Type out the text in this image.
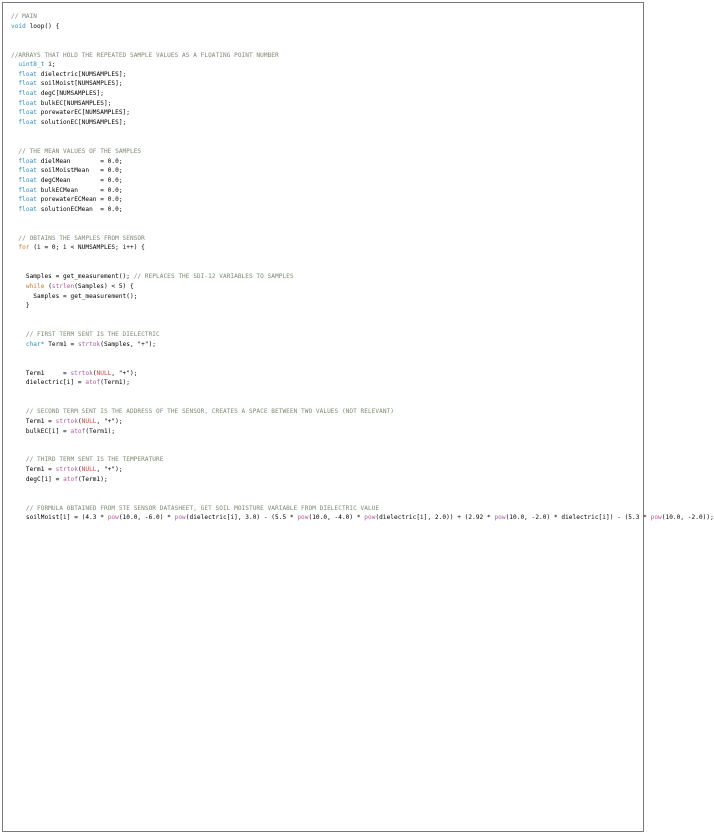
// MAIN
void loop() {

//ARRAYS THAT HOLD THE REPEATED SAMPLE VALUES AS A FLOATING POINT NUMBER
uint8_t i;
float dielectric[NUMSAMPLES];
float soilMoist[NUMSAMPLES];
float degC[NUMSAMPLES];
float bulkEC[NUMSAMPLES];
float porewaterEC[NUMSAMPLES];
float solutionEC[NUMSAMPLES];

// THE MEAN VALUES OF THE SAMPLES
float dielMean        = 0.0;
float soilMoistMean   = 0.0;
float degCMean        = 0.0;
float bulkECMean      = 0.0;
float porewaterECMean = 0.0;
float solutionECMean  = 0.0;

// OBTAINS THE SAMPLES FROM SENSOR
for (i = 0; i < NUMSAMPLES; i++) {

Samples = get_measurement(); // REPLACES THE SDI-12 VARIABLES TO SAMPLES
while (strlen(Samples) < 5) {
Samples = get_measurement();
}

// FIRST TERM SENT IS THE DIELECTRIC
char* Term1 = strtok(Samples, "+");

Term1     = strtok(NULL, "+");
dielectric[i] = atof(Term1);

// SECOND TERM SENT IS THE ADDRESS OF THE SENSOR, CREATES A SPACE BETWEEN TWO VALUES (NOT RELEVANT)
Term1 = strtok(NULL, "+");
bulkEC[i] = atof(Term1);

// THIRD TERM SENT IS THE TEMPERATURE
Term1 = strtok(NULL, "+");
degC[i] = atof(Term1);

// FORMULA OBTAINED FROM 5TE SENSOR DATASHEET, GET SOIL MOISTURE VARIABLE FROM DIELECTRIC VALUE
soilMoist[i] = (4.3 * pow(10.0, -6.0) * pow(dielectric[i], 3.0) - (5.5 * pow(10.0, -4.0) * pow(dielectric[i], 2.0)) + (2.92 * pow(10.0, -2.0) * dielectric[i]) - (5.3 * pow(10.0, -2.0));
